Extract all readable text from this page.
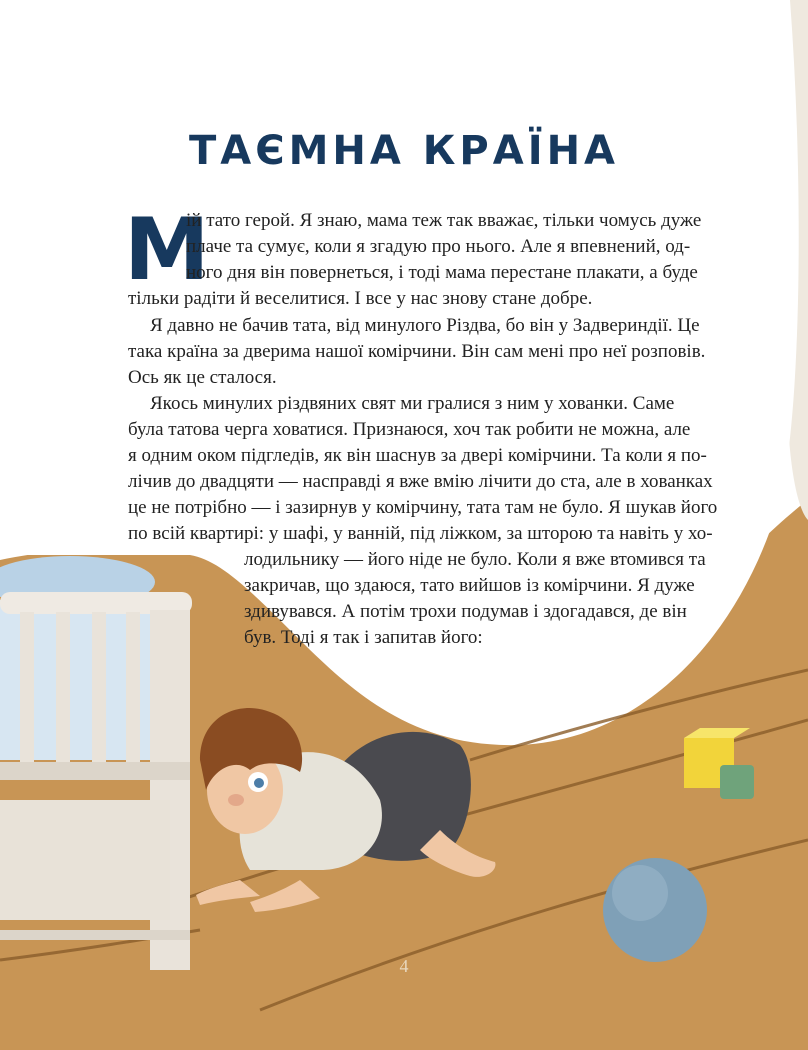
ТАЄМНА КРАЇНА
М

ій тато герой. Я знаю, мама теж так вважає, тільки чомусь дуже

плаче та сумує, коли я згадую про нього. Але я впевнений, од-

ного дня він повернеться, і тоді мама перестане плакати, а буде

тільки радіти й веселитися. І все у нас знову стане добре.

Я давно не бачив тата, від минулого Різдва, бо він у Задвериндії. Це

така країна за дверима нашої комірчини. Він сам мені про неї розповів.

Ось як це сталося.

Якось минулих різдвяних свят ми гралися з ним у хованки. Саме

була татова черга ховатися. Признаюся, хоч так робити не можна, але

я одним оком підгледів, як він шаснув за двері комірчини. Та коли я по-

лічив до двадцяти — насправді я вже вмію лічити до ста, але в хованках

це не потрібно — і зазирнув у комірчину, тата там не було. Я шукав його

по всій квартирі: у шафі, у ванній, під ліжком, за шторою та навіть у хо-

лодильнику — його ніде не було. Коли я вже втомився та

закричав, що здаюся, тато вийшов із комірчини. Я дуже

здивувався. А потім трохи подумав і здогадався, де він

був. Тоді я так і запитав його:

4
